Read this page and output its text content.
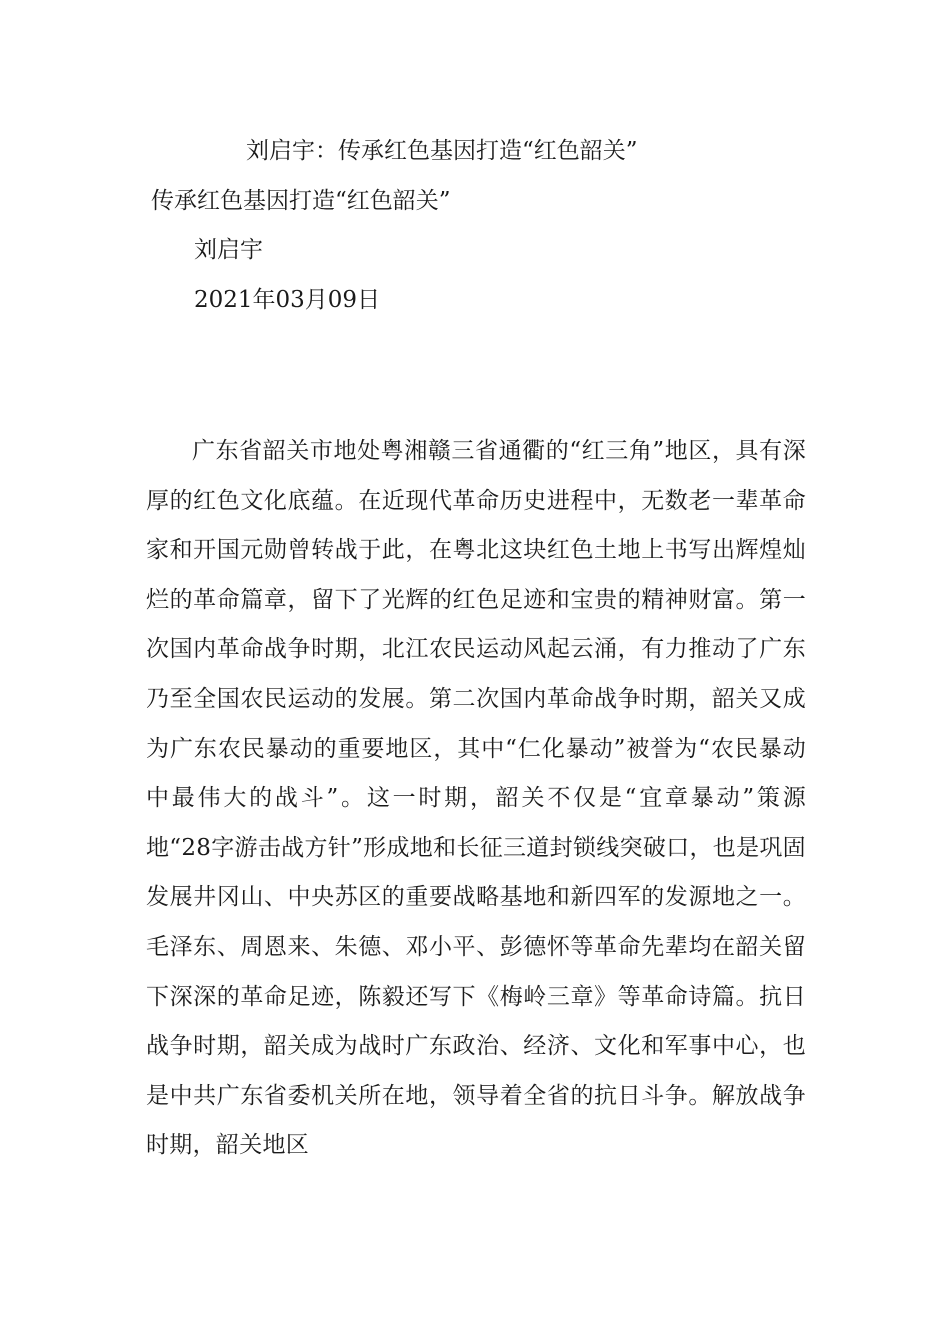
刘启宇：传承红色基因打造“红色韶关”
传承红色基因打造“红色韶关”
刘启宇
2021年03月09日

广东省韶关市地处粤湘赣三省通衢的“红三角”地区，具有深厚的红色文化底蕴。在近现代革命历史进程中，无数老一辈革命家和开国元勋曾转战于此，在粤北这块红色土地上书写出辉煌灿烂的革命篇章，留下了光辉的红色足迹和宝贵的精神财富。第一次国内革命战争时期，北江农民运动风起云涌，有力推动了广东乃至全国农民运动的发展。第二次国内革命战争时期，韶关又成为广东农民暴动的重要地区，其中“仁化暴动”被誉为“农民暴动中最伟大的战斗”。这一时期，韶关不仅是“宜章暴动”策源地“28字游击战方针”形成地和长征三道封锁线突破口，也是巩固发展井冈山、中央苏区的重要战略基地和新四军的发源地之一。毛泽东、周恩来、朱德、邓小平、彭德怀等革命先辈均在韶关留下深深的革命足迹，陈毅还写下《梅岭三章》等革命诗篇。抗日战争时期，韶关成为战时广东政治、经济、文化和军事中心，也是中共广东省委机关所在地，领导着全省的抗日斗争。解放战争时期，韶关地区
